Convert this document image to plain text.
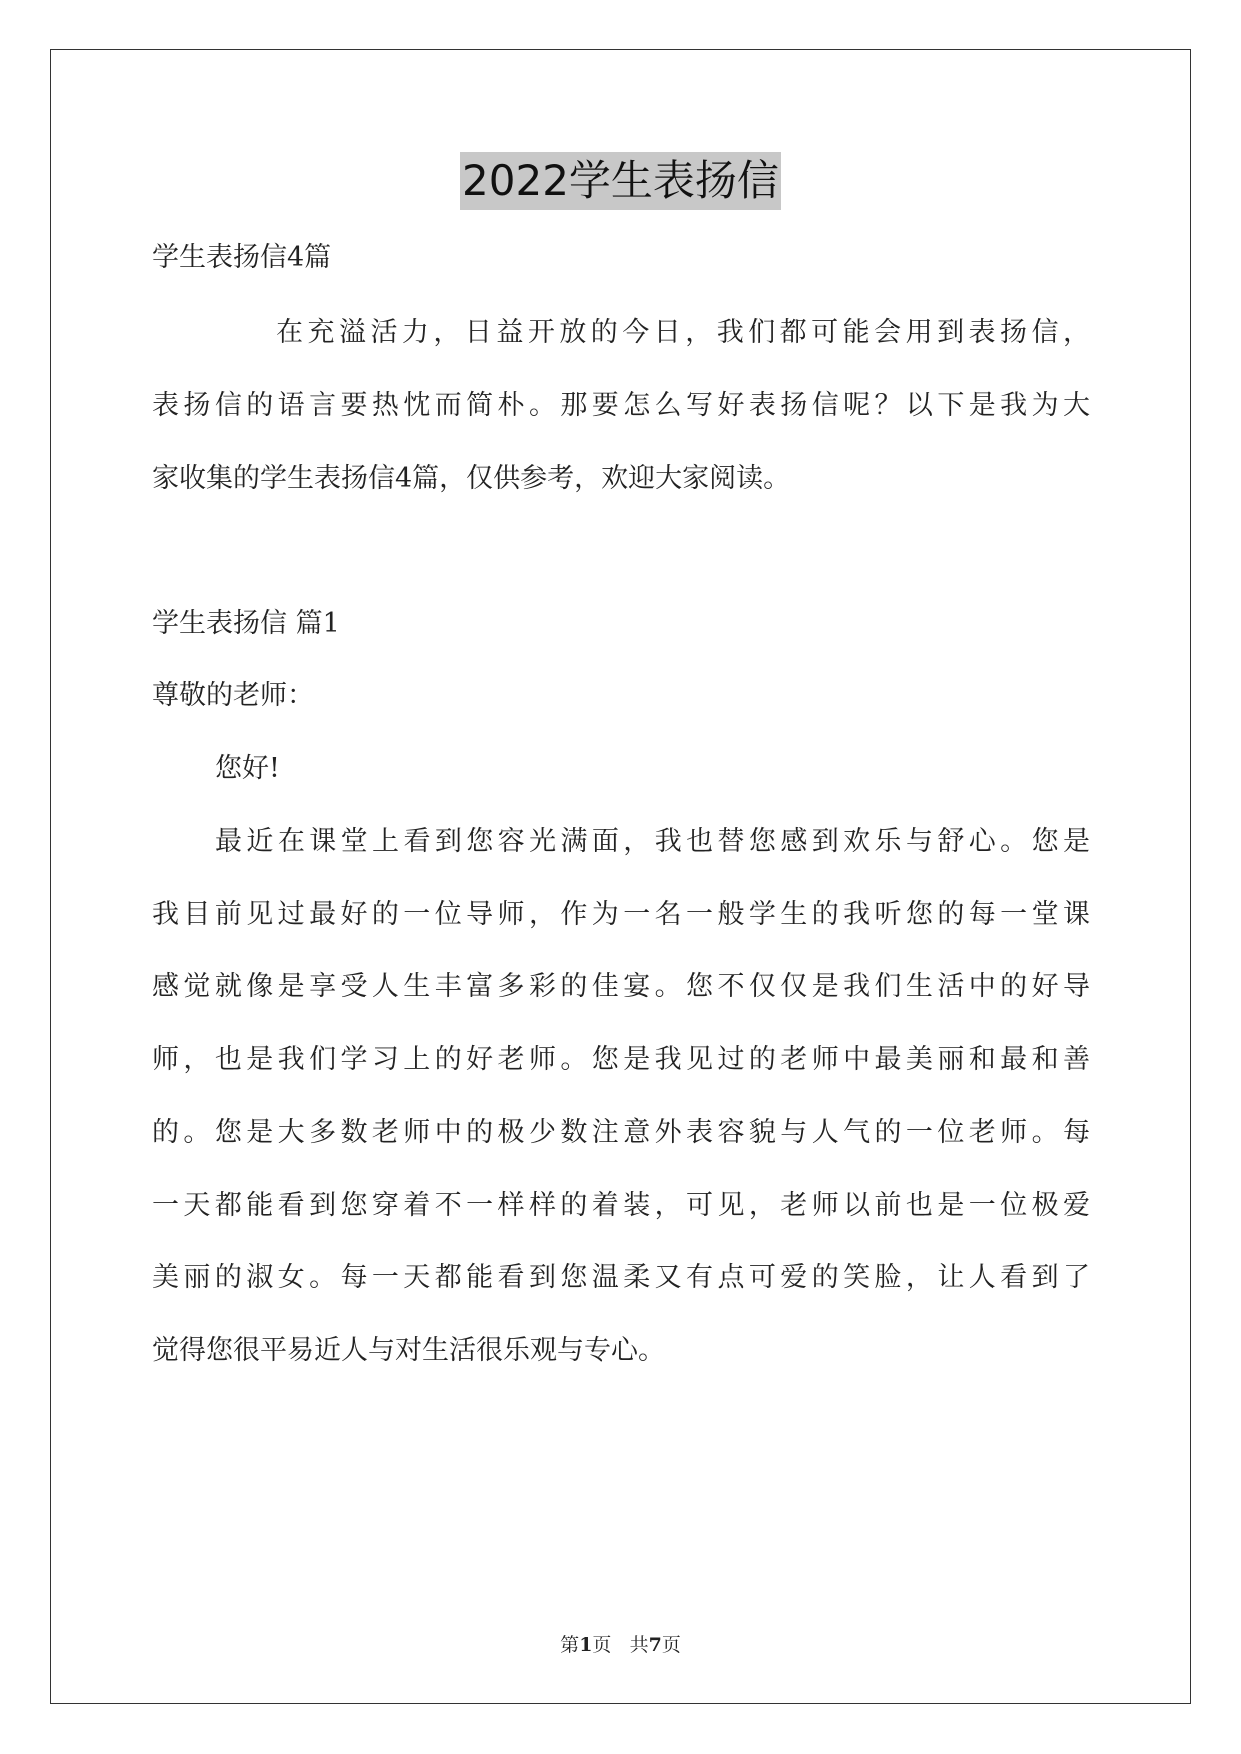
2022学生表扬信
学生表扬信4篇
在充溢活力，日益开放的今日，我们都可能会用到表扬信，
表扬信的语言要热忱而简朴。那要怎么写好表扬信呢？以下是我为大
家收集的学生表扬信4篇，仅供参考，欢迎大家阅读。
学生表扬信 篇1
尊敬的老师：
您好!
最近在课堂上看到您容光满面，我也替您感到欢乐与舒心。您是
我目前见过最好的一位导师，作为一名一般学生的我听您的每一堂课
感觉就像是享受人生丰富多彩的佳宴。您不仅仅是我们生活中的好导
师，也是我们学习上的好老师。您是我见过的老师中最美丽和最和善
的。您是大多数老师中的极少数注意外表容貌与人气的一位老师。每
一天都能看到您穿着不一样样的着装，可见，老师以前也是一位极爱
美丽的淑女。每一天都能看到您温柔又有点可爱的笑脸，让人看到了
觉得您很平易近人与对生活很乐观与专心。
第1页 共7页
